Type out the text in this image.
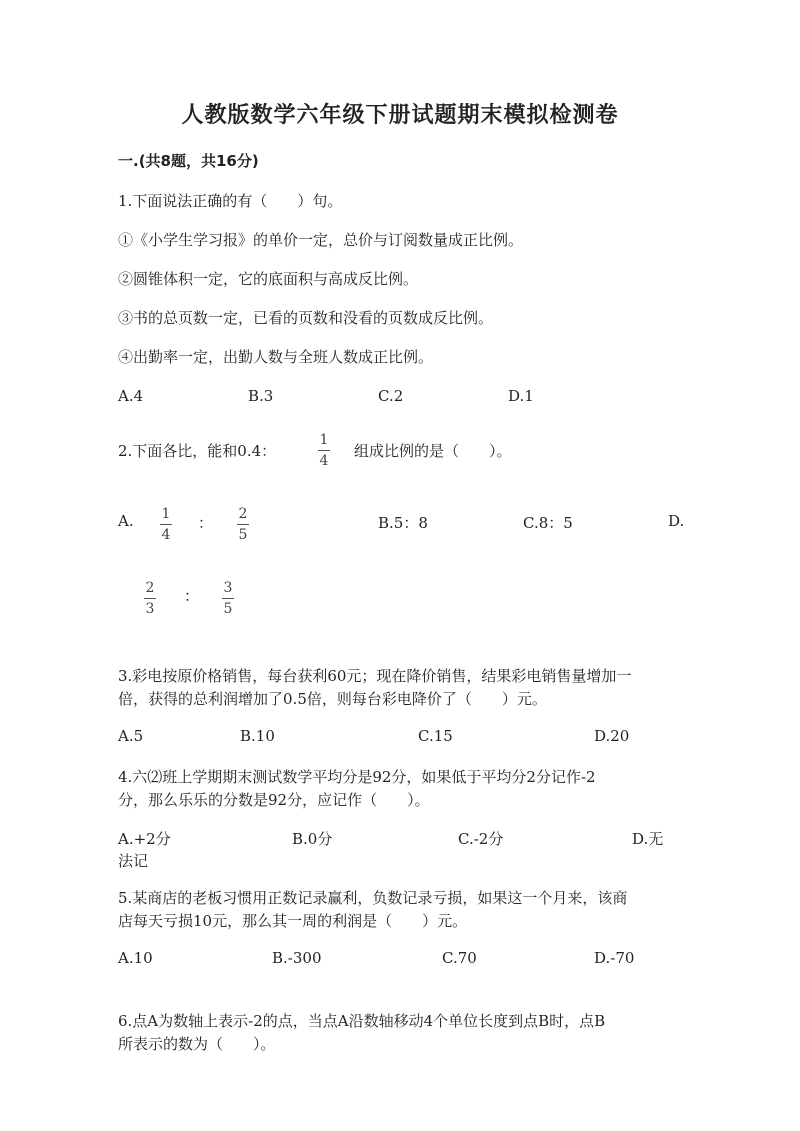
人教版数学六年级下册试题期末模拟检测卷
一.(共8题，共16分)
1.下面说法正确的有（　　）句。
①《小学生学习报》的单价一定，总价与订阅数量成正比例。
②圆锥体积一定，它的底面积与高成反比例。
③书的总页数一定，已看的页数和没看的页数成反比例。
④出勤率一定，出勤人数与全班人数成正比例。
A.4	B.3	C.2	D.1
2.下面各比，能和0.4：
1
4
组成比例的是（　　）。
A. 1
4
： 2
5
B.5：8	C.8：5	D.
2
3
： 3
5
3.彩电按原价格销售，每台获利60元；现在降价销售，结果彩电销售量增加一
倍，获得的总利润增加了0.5倍，则每台彩电降价了（　　）元。
A.5	B.10	C.15	D.20
4.六⑵班上学期期末测试数学平均分是92分，如果低于平均分2分记作-2
分，那么乐乐的分数是92分，应记作（　　）。
A.+2分	B.0分	C.-2分	D.无
法记
5.某商店的老板习惯用正数记录赢利，负数记录亏损，如果这一个月来，该商
店每天亏损10元，那么其一周的利润是（　　）元。
A.10	B.-300	C.70	D.-70
6.点A为数轴上表示-2的点，当点A沿数轴移动4个单位长度到点B时，点B
所表示的数为（　　）。
